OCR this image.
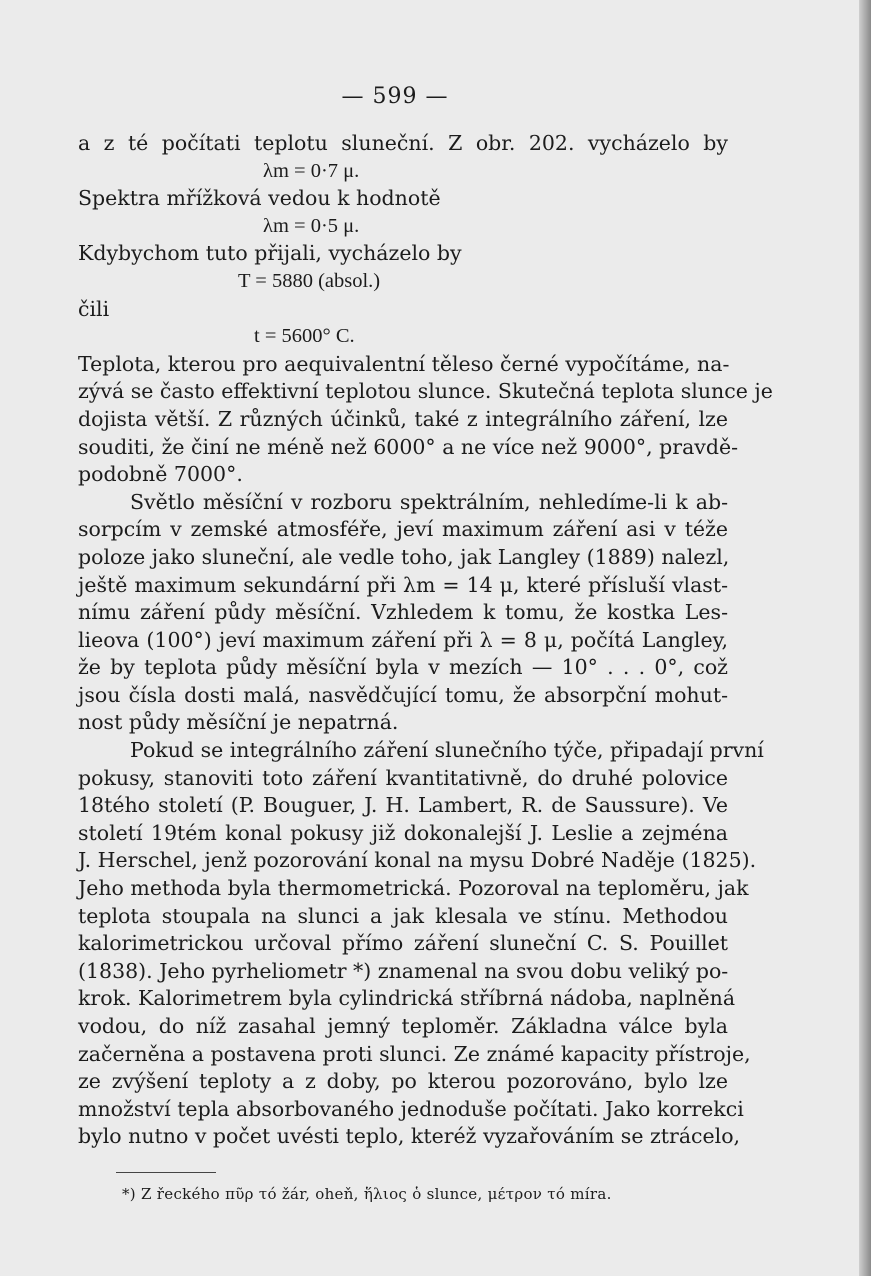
— 599 —
a z té počítati teplotu sluneční. Z obr. 202. vycházelo by
λm = 0·7 μ.
Spektra mřížková vedou k hodnotě
λm = 0·5 μ.
Kdybychom tuto přijali, vycházelo by
T = 5880 (absol.)
čili
t = 5600° C.
Teplota, kterou pro aequivalentní těleso černé vypočítáme, na-
zývá se často effektivní teplotou slunce. Skutečná teplota slunce je
dojista větší. Z různých účinků, také z integrálního záření, lze
souditi, že činí ne méně než 6000° a ne více než 9000°, pravdě-
podobně 7000°.
Světlo měsíční v rozboru spektrálním, nehledíme-li k ab-
sorpcím v zemské atmosféře, jeví maximum záření asi v téže
poloze jako sluneční, ale vedle toho, jak Langley (1889) nalezl,
ještě maximum sekundární při λm = 14 μ, které přísluší vlast-
nímu záření půdy měsíční. Vzhledem k tomu, že kostka Les-
lieova (100°) jeví maximum záření při λ = 8 μ, počítá Langley,
že by teplota půdy měsíční byla v mezích — 10° . . . 0°, což
jsou čísla dosti malá, nasvědčující tomu, že absorpční mohut-
nost půdy měsíční je nepatrná.
Pokud se integrálního záření slunečního týče, připadají první
pokusy, stanoviti toto záření kvantitativně, do druhé polovice
18tého století (P. Bouguer, J. H. Lambert, R. de Saussure). Ve
století 19tém konal pokusy již dokonalejší J. Leslie a zejména
J. Herschel, jenž pozorování konal na mysu Dobré Naděje (1825).
Jeho methoda byla thermometrická. Pozoroval na teploměru, jak
teplota stoupala na slunci a jak klesala ve stínu. Methodou
kalorimetrickou určoval přímo záření sluneční C. S. Pouillet
(1838). Jeho pyrheliometr *) znamenal na svou dobu veliký po-
krok. Kalorimetrem byla cylindrická stříbrná nádoba, naplněná
vodou, do níž zasahal jemný teploměr. Základna válce byla
začerněna a postavena proti slunci. Ze známé kapacity přístroje,
ze zvýšení teploty a z doby, po kterou pozorováno, bylo lze
množství tepla absorbovaného jednoduše počítati. Jako korrekci
bylo nutno v počet uvésti teplo, kteréž vyzařováním se ztrácelo,
*) Z řeckého πῦρ τό žár, oheň, ἥλιος ὁ slunce, μέτρον τό míra.
